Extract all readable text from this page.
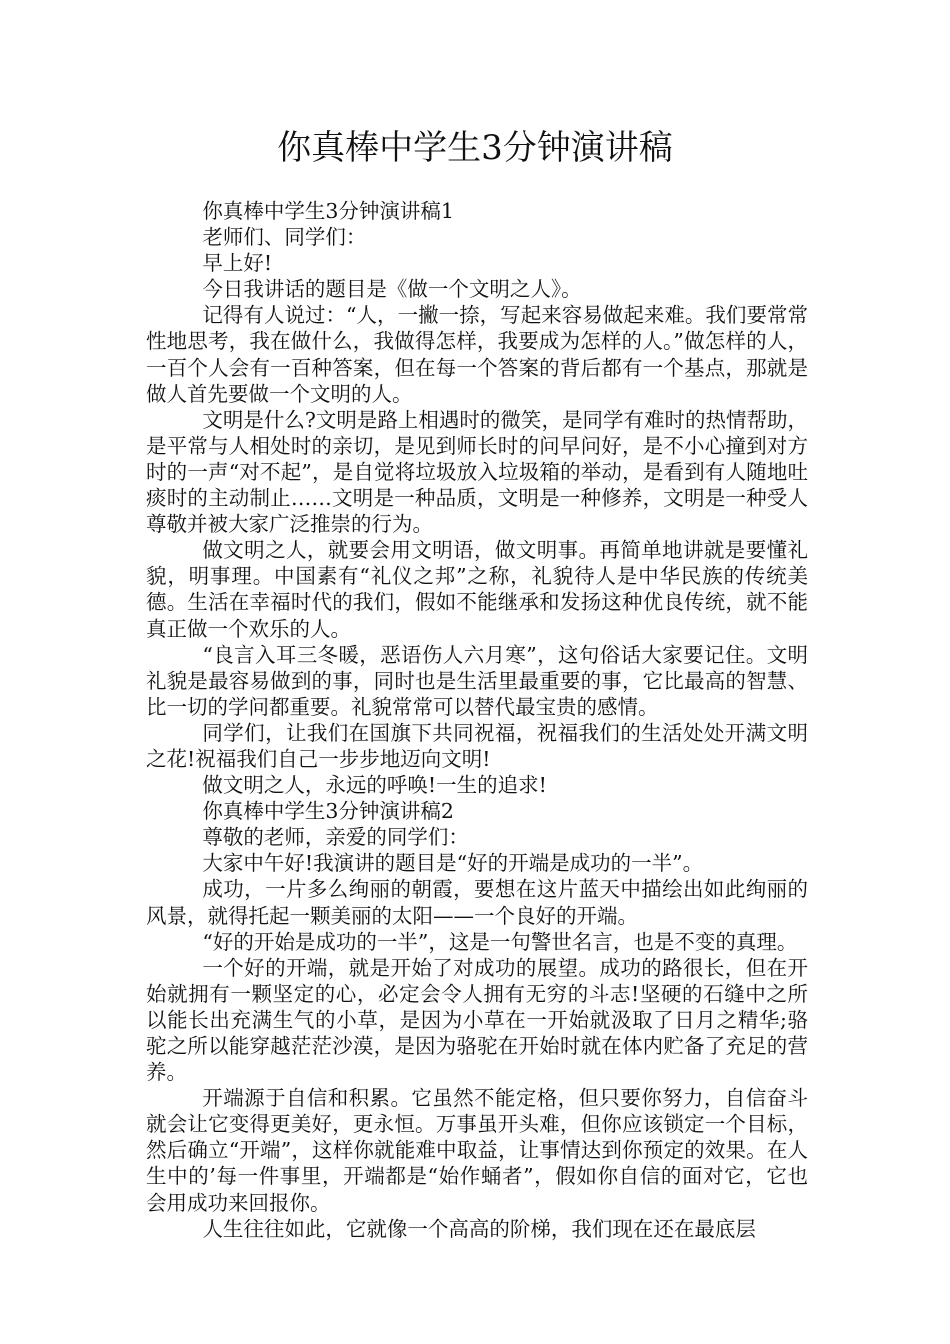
你真棒中学生3分钟演讲稿

你真棒中学生3分钟演讲稿1

老师们、同学们：

早上好!

今日我讲话的题目是《做一个文明之人》。

记得有人说过：“人，一撇一捺，写起来容易做起来难。我们要常常性地思考，我在做什么，我做得怎样，我要成为怎样的人。”做怎样的人，一百个人会有一百种答案，但在每一个答案的背后都有一个基点，那就是做人首先要做一个文明的人。

文明是什么?文明是路上相遇时的微笑，是同学有难时的热情帮助，是平常与人相处时的亲切，是见到师长时的问早问好，是不小心撞到对方时的一声“对不起”，是自觉将垃圾放入垃圾箱的举动，是看到有人随地吐痰时的主动制止……文明是一种品质，文明是一种修养，文明是一种受人尊敬并被大家广泛推崇的行为。

做文明之人，就要会用文明语，做文明事。再简单地讲就是要懂礼貌，明事理。中国素有“礼仪之邦”之称，礼貌待人是中华民族的传统美德。生活在幸福时代的我们，假如不能继承和发扬这种优良传统，就不能真正做一个欢乐的人。

“良言入耳三冬暖，恶语伤人六月寒”，这句俗话大家要记住。文明礼貌是最容易做到的事，同时也是生活里最重要的事，它比最高的智慧、比一切的学问都重要。礼貌常常可以替代最宝贵的感情。

同学们，让我们在国旗下共同祝福，祝福我们的生活处处开满文明之花!祝福我们自己一步步地迈向文明!

做文明之人，永远的呼唤!一生的追求!

你真棒中学生3分钟演讲稿2

尊敬的老师，亲爱的同学们：

大家中午好!我演讲的题目是“好的开端是成功的一半”。

成功，一片多么绚丽的朝霞，要想在这片蓝天中描绘出如此绚丽的风景，就得托起一颗美丽的太阳——一个良好的开端。

“好的开始是成功的一半”，这是一句警世名言，也是不变的真理。

一个好的开端，就是开始了对成功的展望。成功的路很长，但在开始就拥有一颗坚定的心，必定会令人拥有无穷的斗志!坚硬的石缝中之所以能长出充满生气的小草，是因为小草在一开始就汲取了日月之精华;骆驼之所以能穿越茫茫沙漠，是因为骆驼在开始时就在体内贮备了充足的营养。

开端源于自信和积累。它虽然不能定格，但只要你努力，自信奋斗就会让它变得更美好，更永恒。万事虽开头难，但你应该锁定一个目标，然后确立“开端”，这样你就能难中取益，让事情达到你预定的效果。在人生中的’每一件事里，开端都是“始作蛹者”，假如你自信的面对它，它也会用成功来回报你。

人生往往如此，它就像一个高高的阶梯，我们现在还在最底层
